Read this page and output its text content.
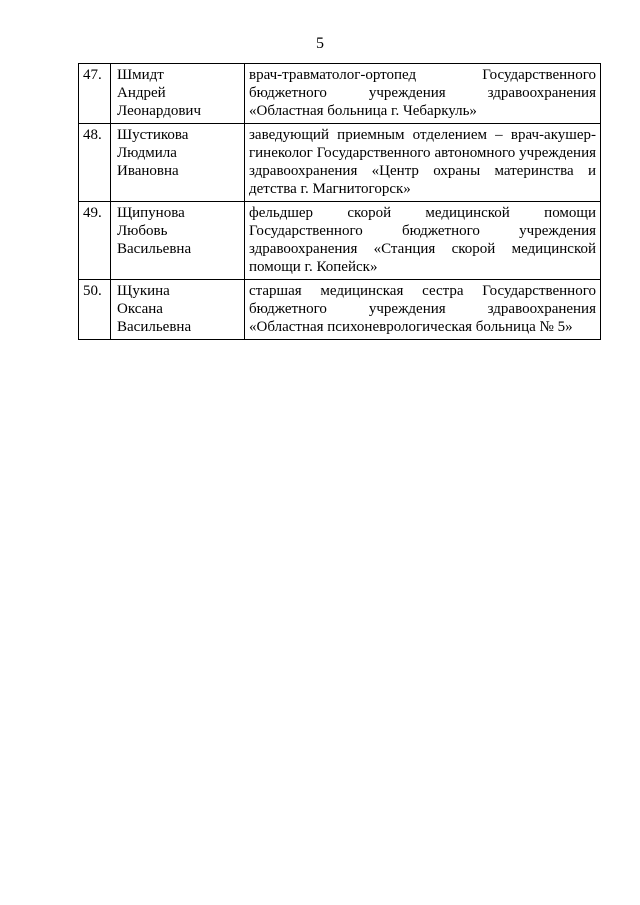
5
47.	Шмидт
Андрей
Леонардович	врач-травматолог-ортопед Государственного бюджетного учреждения здравоохранения «Областная больница г. Чебаркуль»
48.	Шустикова
Людмила
Ивановна	заведующий приемным отделением – врач-акушер-гинеколог Государственного автономного учреждения здравоохранения «Центр охраны материнства и детства г. Магнитогорск»
49.	Щипунова
Любовь
Васильевна	фельдшер скорой медицинской помощи Государственного бюджетного учреждения здравоохранения «Станция скорой медицинской помощи г. Копейск»
50.	Щукина
Оксана
Васильевна	старшая медицинская сестра Государственного бюджетного учреждения здравоохранения «Областная психоневрологическая больница № 5»
